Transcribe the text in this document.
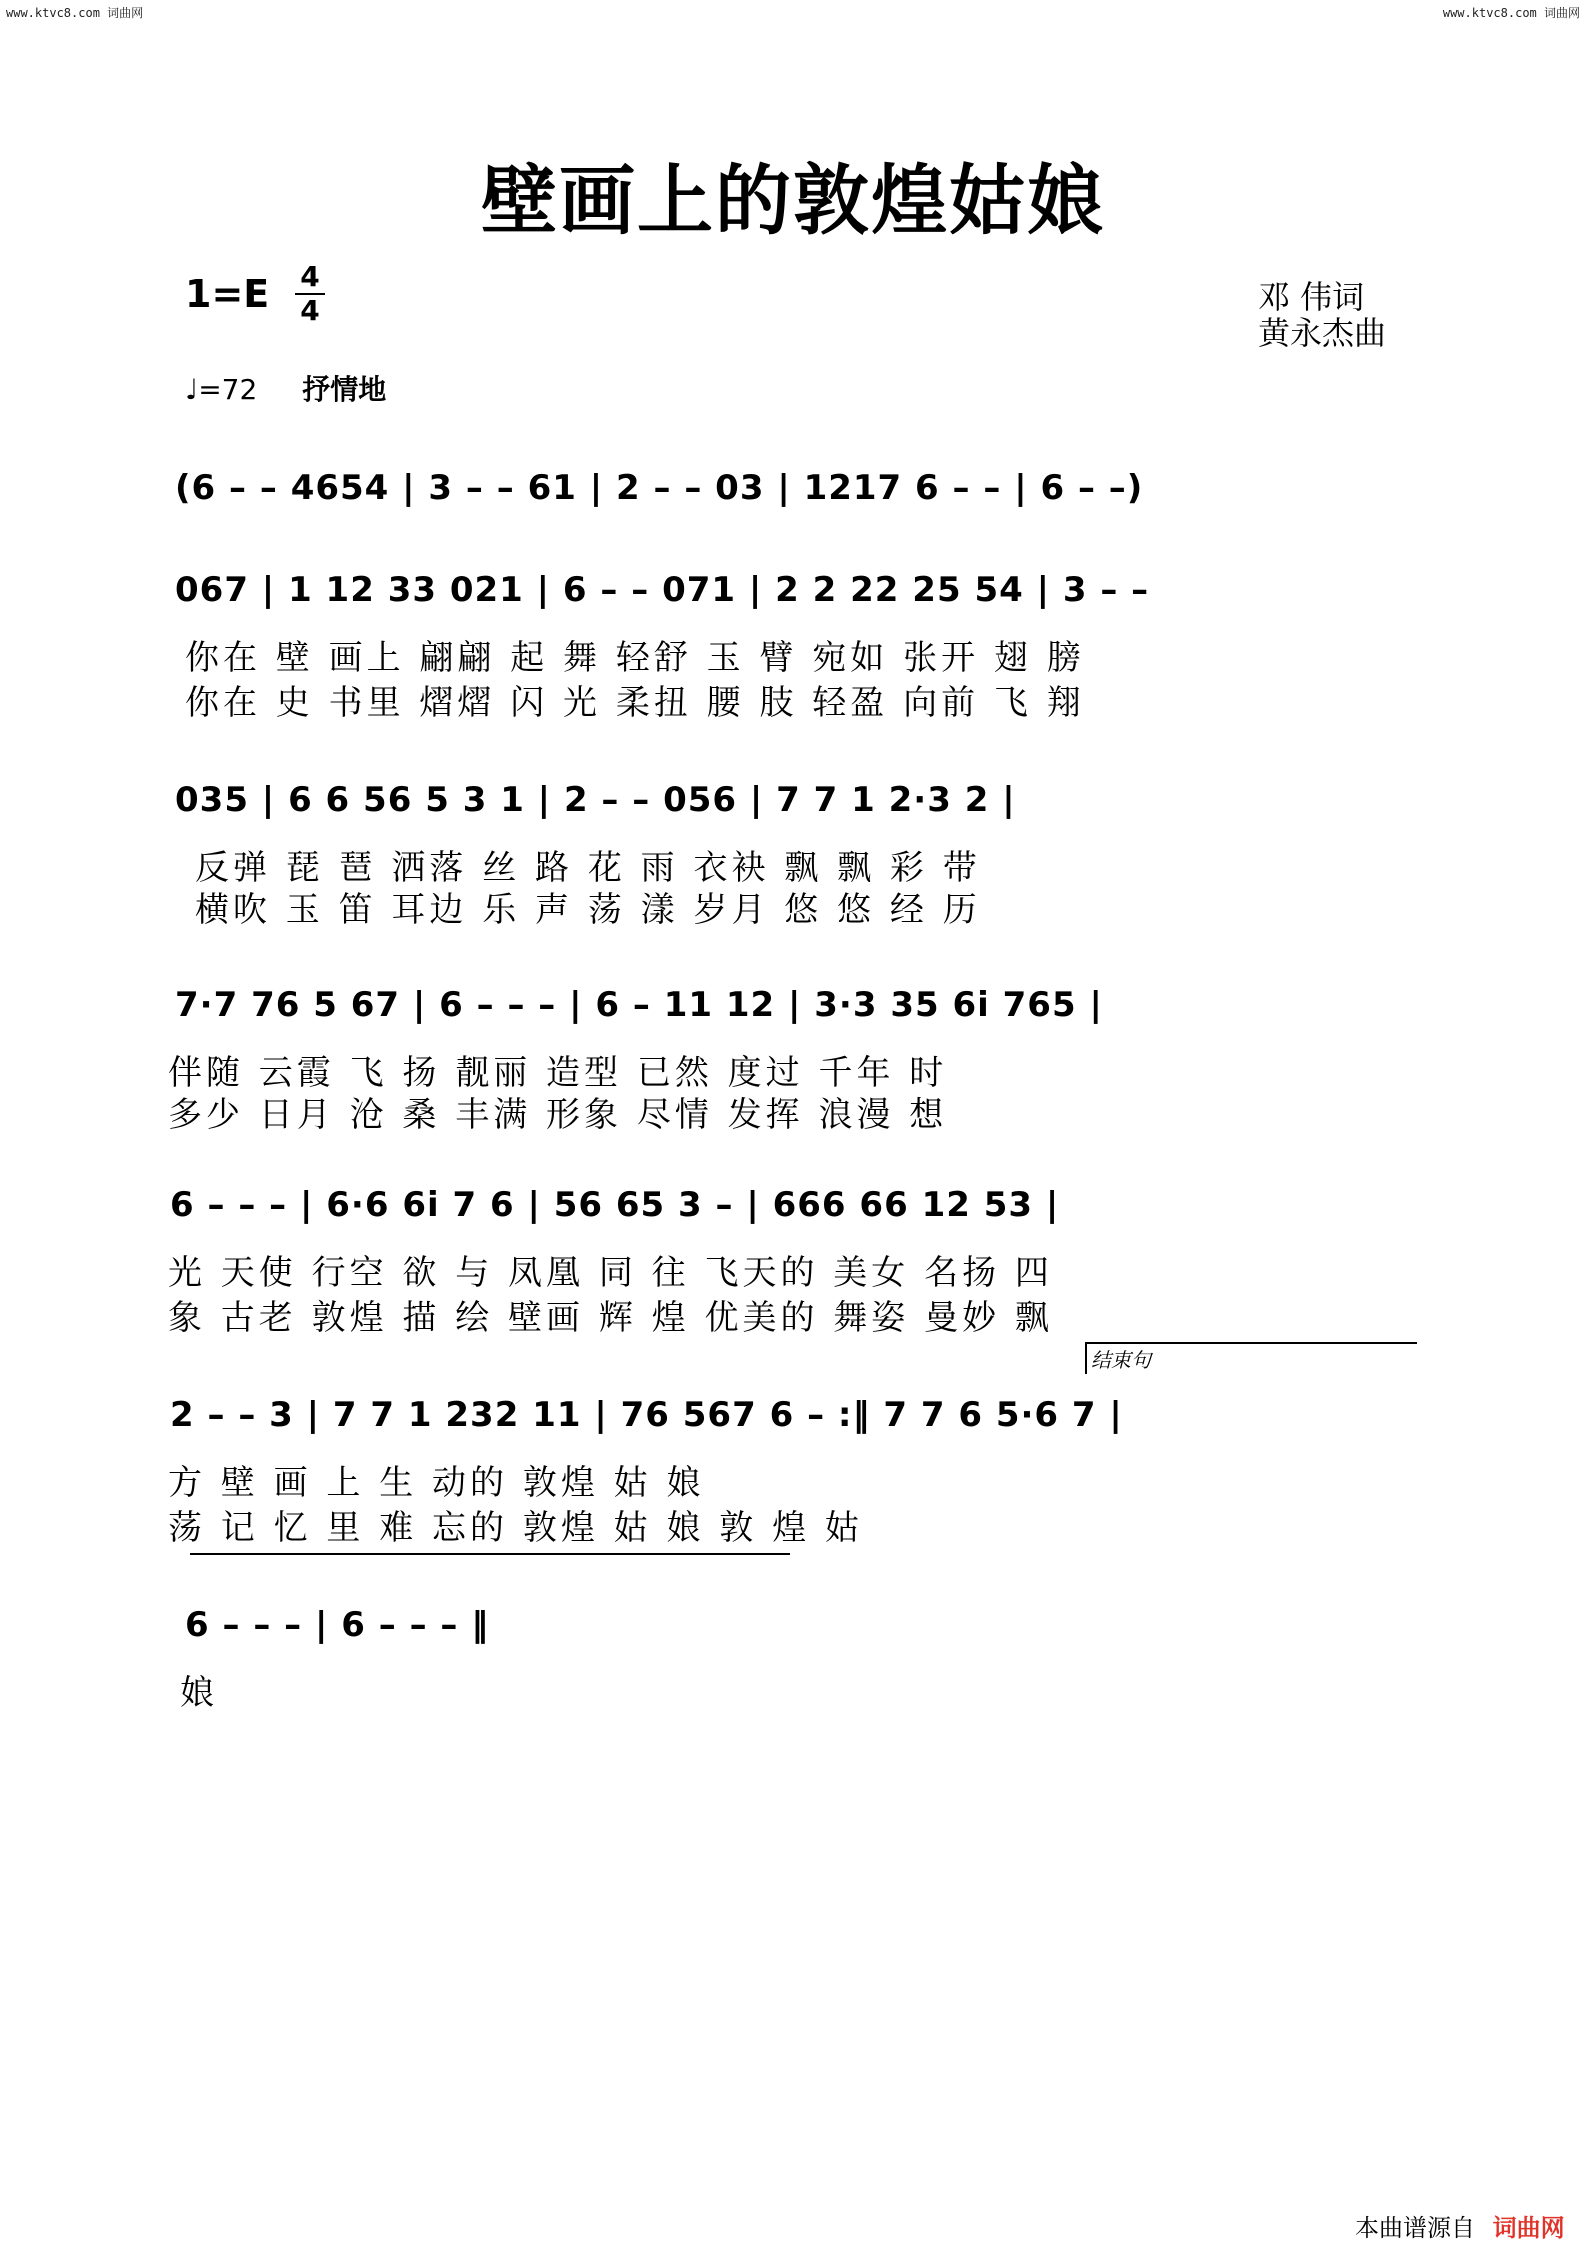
www.ktvc8.com 词曲网	www.ktvc8.com 词曲网
壁画上的敦煌姑娘
1=E 4
4	邓 伟词
黄永杰曲
♩=72 抒情地
(6 – – 4654 | 3 – – 61 | 2 – – 03 | 1217 6 – – | 6 – –)
067 | 1 12 33 021 | 6 – – 071 | 2 2 22 25 54 | 3 – –
你在 壁 画上 翩翩 起 舞 轻舒 玉 臂 宛如 张开 翅 膀
你在 史 书里 熠熠 闪 光 柔扭 腰 肢 轻盈 向前 飞 翔
035 | 6 6 56 5 3 1 | 2 – – 056 | 7 7 1 2·3 2 |
反弹 琵 琶 洒落 丝 路 花 雨 衣袂 飘 飘 彩 带
横吹 玉 笛 耳边 乐 声 荡 漾 岁月 悠 悠 经 历
7·7 76 5 67 | 6 – – – | 6 – 11 12 | 3·3 35 6i 765 |
伴随 云霞 飞 扬 靓丽 造型 已然 度过 千年 时
多少 日月 沧 桑 丰满 形象 尽情 发挥 浪漫 想
6 – – – | 6·6 6i 7 6 | 56 65 3 – | 666 66 12 53 |
光 天使 行空 欲 与 凤凰 同 往 飞天的 美女 名扬 四
象 古老 敦煌 描 绘 壁画 辉 煌 优美的 舞姿 曼妙 飘
结束句
2 – – 3 | 7 7 1 232 11 | 76 567 6 – :‖ 7 7 6 5·6 7 |
方 壁 画 上 生 动的 敦煌 姑 娘
荡 记 忆 里 难 忘的 敦煌 姑 娘 敦 煌 姑
6 – – – | 6 – – – ‖
娘
本曲谱源自 词曲网
